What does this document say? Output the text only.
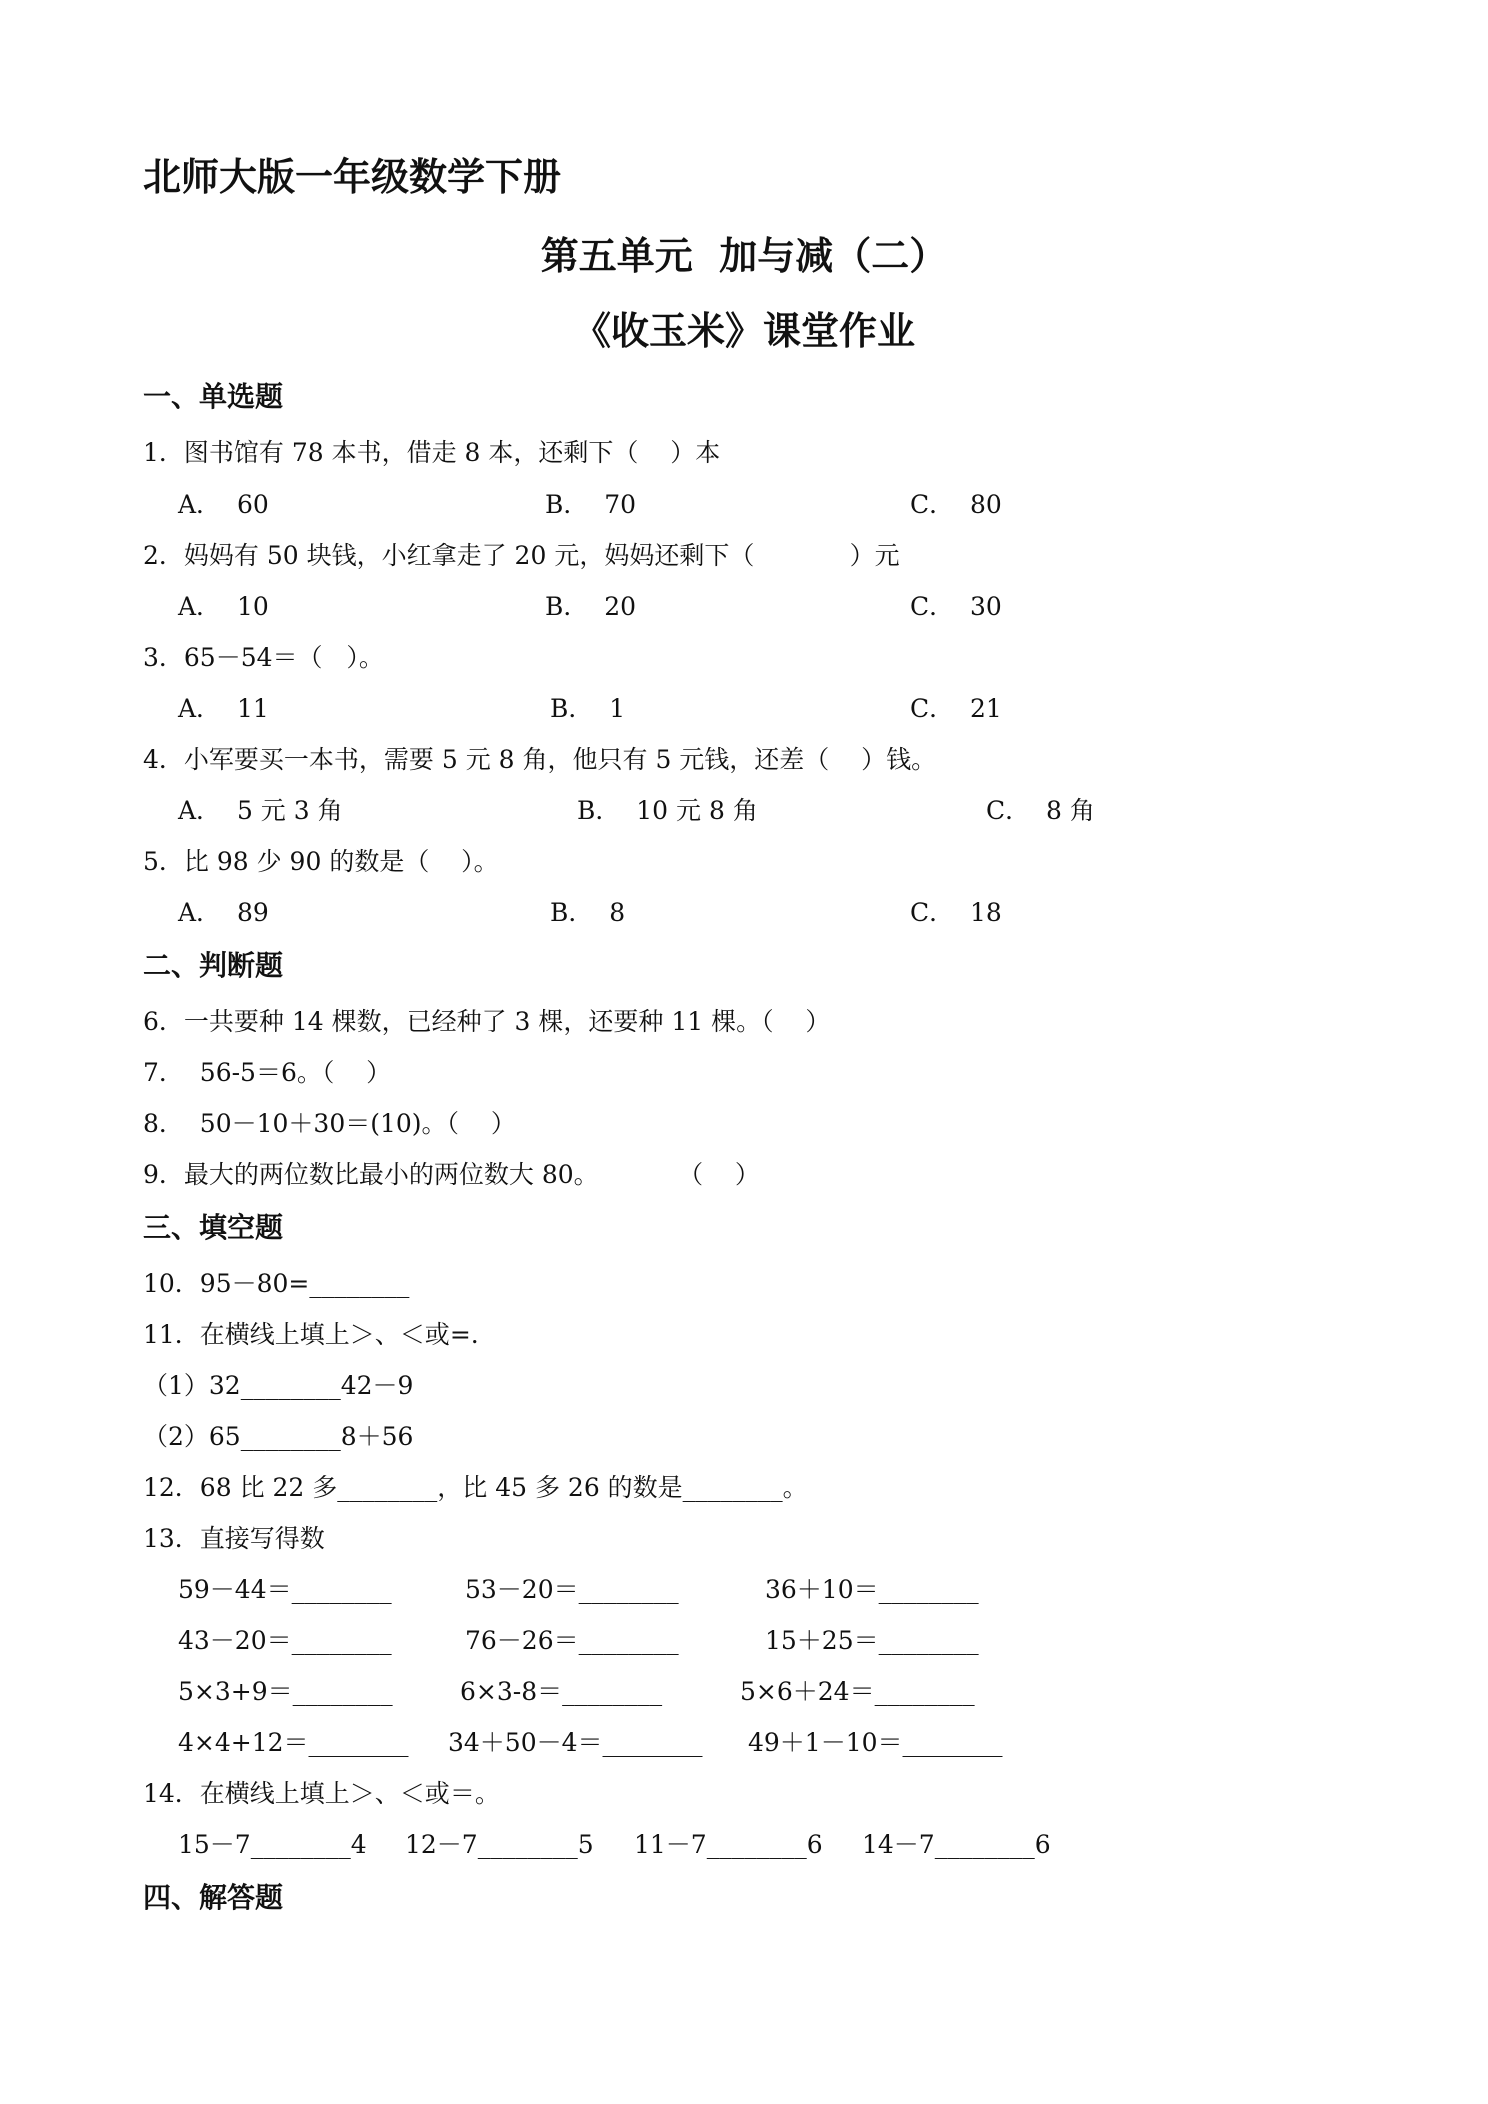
北师大版一年级数学下册
第五单元  加与减（二）
《收玉米》课堂作业
一、单选题
1．图书馆有 78 本书，借走 8 本，还剩下（    ）本
A．  60	B．  70	C．  80
2．妈妈有 50 块钱，小红拿走了 20 元，妈妈还剩下（            ）元
A．  10	B．  20	C．  30
3．65－54＝（   ）。
A．  11	B．  1	C．  21
4．小军要买一本书，需要 5 元 8 角，他只有 5 元钱，还差（    ）钱。
A．  5 元 3 角	B．  10 元 8 角	C．  8 角
5．比 98 少 90 的数是（    ）。
A．  89	B．  8	C．  18
二、判断题
6．一共要种 14 棵数，已经种了 3 棵，还要种 11 棵。（    ）
7．  56-5＝6。（    ）
8．  50－10＋30＝(10)。（    ）
9．最大的两位数比最小的两位数大 80。          （    ）
三、填空题
10．95－80=________
11．在横线上填上＞、＜或=.
（1）32________42－9
（2）65________8＋56
12．68 比 22 多________，比 45 多 26 的数是________。
13．直接写得数
59－44＝________	53－20＝________	36＋10＝________
43－20＝________	76－26＝________	15＋25＝________
5×3+9＝________	6×3-8＝________	5×6＋24＝________
4×4+12＝________ 34＋50－4＝________ 49＋1－10＝________
14．在横线上填上＞、＜或＝。
15－7________4 12－7________5 11－7________6 14－7________6
四、解答题
